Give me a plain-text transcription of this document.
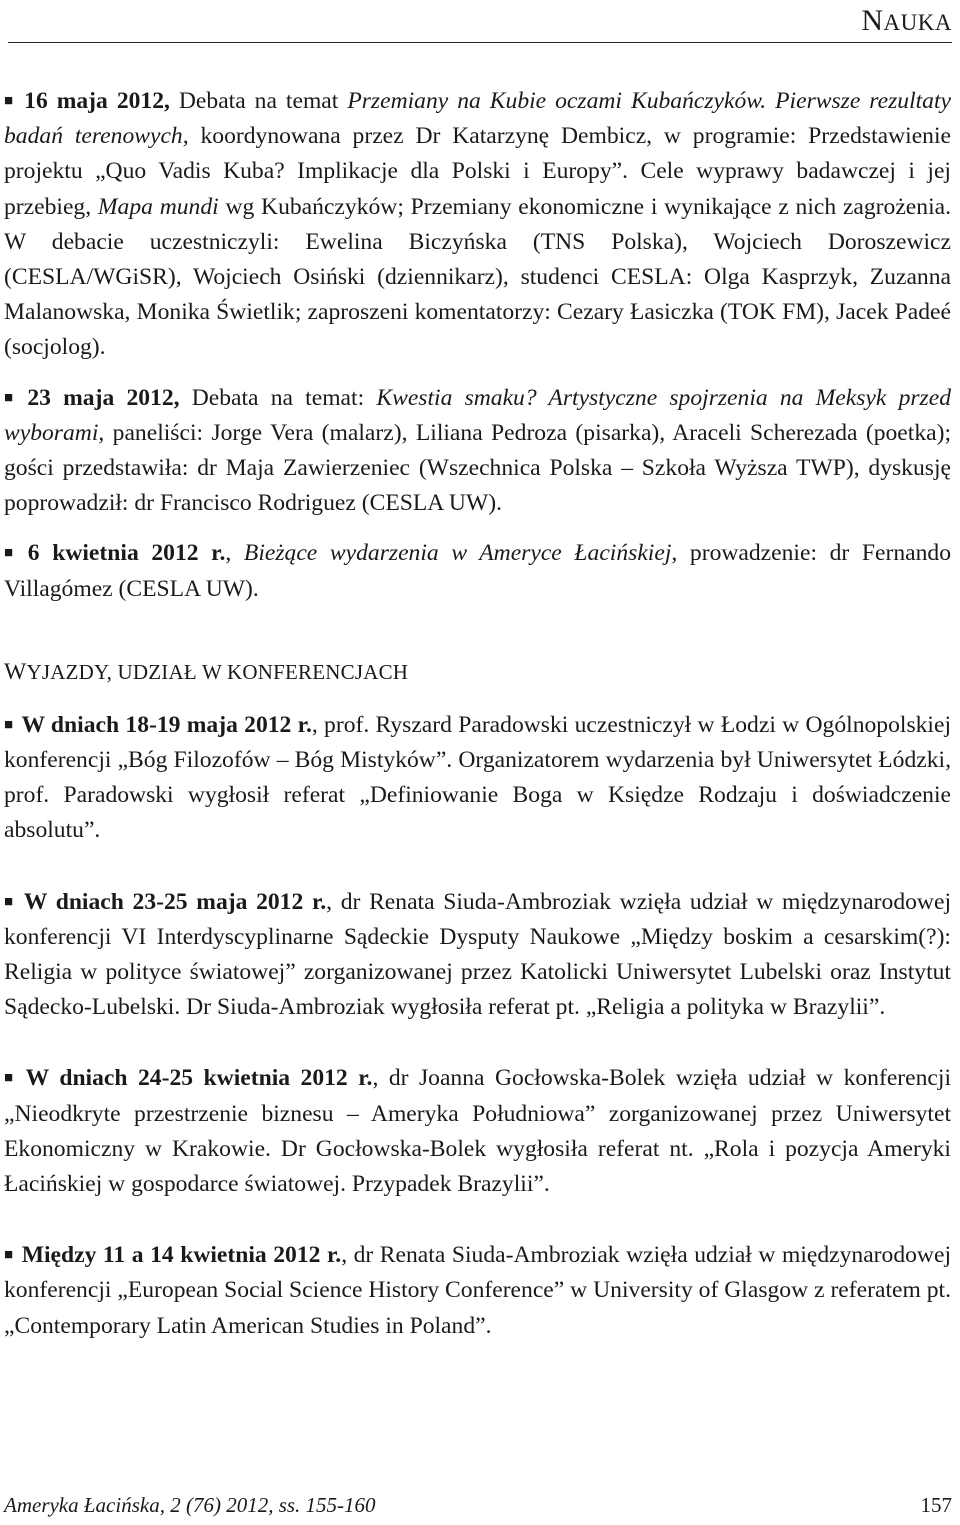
NAUKA

■ 16 maja 2012, Debata na temat Przemiany na Kubie oczami Kubańczyków. Pierwsze rezultaty badań terenowych, koordynowana przez Dr Katarzynę Dembicz, w programie: Przedstawienie projektu „Quo Vadis Kuba? Implikacje dla Polski i Europy”. Cele wyprawy badawczej i jej przebieg, Mapa mundi wg Kubańczyków; Przemiany ekonomiczne i wynikające z nich zagrożenia. W debacie uczestniczyli: Ewelina Biczyńska (TNS Polska), Wojciech Doroszewicz (CESLA/WGiSR), Wojciech Osiński (dziennikarz), studenci CESLA: Olga Kasprzyk, Zuzanna Malanowska, Monika Świetlik; zaproszeni komentatorzy: Cezary Łasiczka (TOK FM), Jacek Padeé (socjolog).

■ 23 maja 2012, Debata na temat: Kwestia smaku? Artystyczne spojrzenia na Meksyk przed wyborami, paneliści: Jorge Vera (malarz), Liliana Pedroza (pisarka), Araceli Scherezada (poetka); gości przedstawiła: dr Maja Zawierzeniec (Wszechnica Polska – Szkoła Wyższa TWP), dyskusję poprowadził: dr Francisco Rodriguez (CESLA UW).

■ 6 kwietnia 2012 r., Bieżące wydarzenia w Ameryce Łacińskiej, prowadzenie: dr Fernando Villagómez (CESLA UW).

WYJAZDY, UDZIAŁ W KONFERENCJACH

■ W dniach 18-19 maja 2012 r., prof. Ryszard Paradowski uczestniczył w Łodzi w Ogólnopolskiej konferencji „Bóg Filozofów – Bóg Mistyków”. Organizatorem wydarzenia był Uniwersytet Łódzki, prof. Paradowski wygłosił referat „Definiowanie Boga w Księdze Rodzaju i doświadczenie absolutu”.

■ W dniach 23-25 maja 2012 r., dr Renata Siuda-Ambroziak wzięła udział w międzynarodowej konferencji VI Interdyscyplinarne Sądeckie Dysputy Naukowe „Między boskim a cesarskim(?): Religia w polityce światowej” zorganizowanej przez Katolicki Uniwersytet Lubelski oraz Instytut Sądecko-Lubelski. Dr Siuda-Ambroziak wygłosiła referat pt. „Religia a polityka w Brazylii”.

■ W dniach 24-25 kwietnia 2012 r., dr Joanna Gocłowska-Bolek wzięła udział w konferencji „Nieodkryte przestrzenie biznesu – Ameryka Południowa” zorganizowanej przez Uniwersytet Ekonomiczny w Krakowie. Dr Gocłowska-Bolek wygłosiła referat nt. „Rola i pozycja Ameryki Łacińskiej w gospodarce światowej. Przypadek Brazylii”.

■ Między 11 a 14 kwietnia 2012 r., dr Renata Siuda-Ambroziak wzięła udział w międzynarodowej konferencji „European Social Science History Conference” w University of Glasgow z referatem pt. „Contemporary Latin American Studies in Poland”.

Ameryka Łacińska, 2 (76) 2012, ss. 155-160	157
